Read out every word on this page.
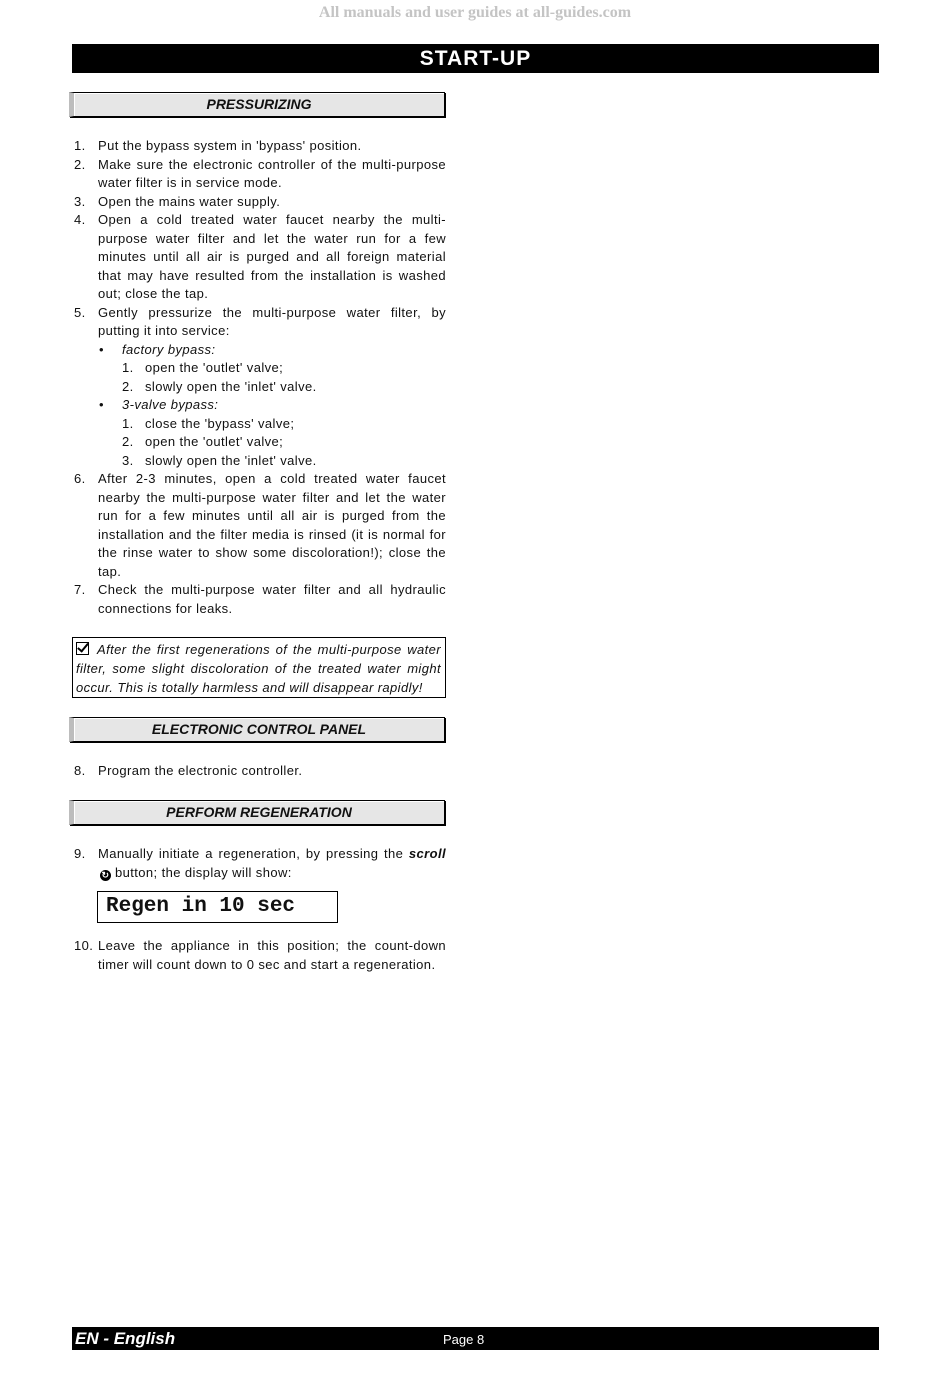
All manuals and user guides at all-guides.com
START-UP
PRESSURIZING
1. Put the bypass system in 'bypass' position.
2. Make sure the electronic controller of the multi-purpose water filter is in service mode.
3. Open the mains water supply.
4. Open a cold treated water faucet nearby the multi-purpose water filter and let the water run for a few minutes until all air is purged and all foreign material that may have resulted from the installation is washed out; close the tap.
5. Gently pressurize the multi-purpose water filter, by putting it into service:
• factory bypass:
1. open the 'outlet' valve;
2. slowly open the 'inlet' valve.
• 3-valve bypass:
1. close the 'bypass' valve;
2. open the 'outlet' valve;
3. slowly open the 'inlet' valve.
6. After 2-3 minutes, open a cold treated water faucet nearby the multi-purpose water filter and let the water run for a few minutes until all air is purged from the installation and the filter media is rinsed (it is normal for the rinse water to show some discoloration!); close the tap.
7. Check the multi-purpose water filter and all hydraulic connections for leaks.
After the first regenerations of the multi-purpose water filter, some slight discoloration of the treated water might occur. This is totally harmless and will disappear rapidly!
ELECTRONIC CONTROL PANEL
8. Program the electronic controller.
PERFORM REGENERATION
9. Manually initiate a regeneration, by pressing the scroll↻ button; the display will show:
Regen in 10 sec
10. Leave the appliance in this position; the count-down timer will count down to 0 sec and start a regeneration.
EN - English	Page 8
